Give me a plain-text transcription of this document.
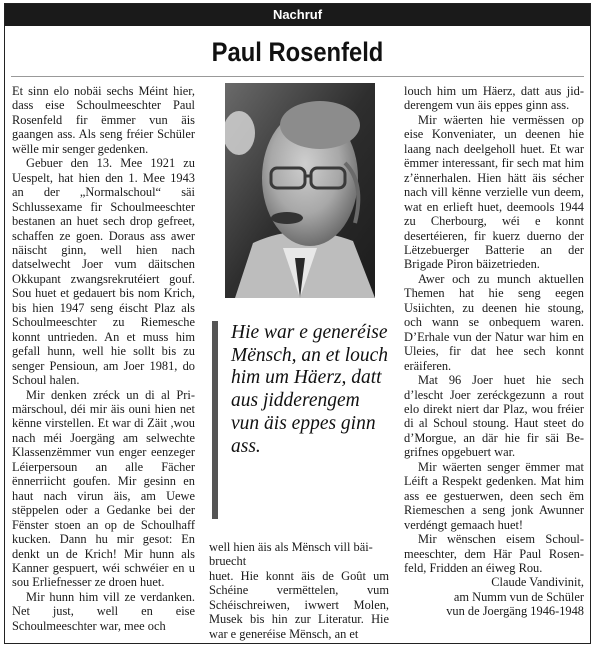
Nachruf
Paul Rosenfeld

Et sinn elo nobäi sechs Méint hier, dass eise Schoulmeeschter Paul Rosenfeld fir ëmmer vun äis gaangen ass. Als seng fréier Schüler wëlle mir senger gedenken.

Gebuer den 13. Mee 1921 zu Uespelt, hat hien den 1. Mee 1943 an der „Normalschoul“ säi Schlussexame fir Schoulmeeschter bestanen an huet sech drop gefreet, schaffen ze goen. Doraus ass awer näischt ginn, well hien nach datselwecht Joer vum däitschen Okkupant zwangsrekrutéiert gouf. Sou huet et gedauert bis nom Krich, bis hien 1947 seng éischt Plaz als Schoulmeeschter zu Riemesche konnt untrieden. An et muss him gefall hunn, well hie sollt bis zu senger Pensioun, am Joer 1981, do Schoul halen.

Mir denken zréck un di al Primärschoul, déi mir äis ouni hien net kënne virstellen. Et war di Zäit ,wou nach méi Joergäng am selwechte Klassenzëmmer vun enger eenzeger Léierpersoun an alle Fächer ënnerriicht goufen. Mir gesinn en haut nach virun äis, am Uewe stëppelen oder a Gedanke bei der Fënster stoen an op de Schoulhaff kucken. Dann hu mir gesot: En denkt un de Krich! Mir hunn als Kanner gespuert, wéi schwéier en u sou Erliefnesser ze droen huet.

Mir hunn him vill ze verdanken. Net just, well en eise Schoulmeeschter war, mee och

Hie war e generéise Mënsch, an et louch him um Häerz, datt aus jidderengem vun äis eppes ginn ass.

well hien äis als Mënsch vill bäibruecht

huet. Hie konnt äis de Goût um Schéine vermëttelen, vum Schéischreiwen, iwwert Molen, Musek bis hin zur Literatur. Hie war e generéise Mënsch, an et

louch him um Häerz, datt aus jidderengem vun äis eppes ginn ass.

Mir wäerten hie vermëssen op eise Konveniater, un deenen hie laang nach deelgeholl huet. Et war ëmmer interessant, fir sech mat him z’ënnerhalen. Hien hätt äis sécher nach vill kënne verzielle vun deem, wat en erlieft huet, deemools 1944 zu Cherbourg, wéi e konnt desertéieren, fir kuerz duerno der Lëtzebuerger Batterie an der Brigade Piron bäizetrieden.

Awer och zu munch aktuellen Themen hat hie seng eegen Usiichten, zu deenen hie stoung, och wann se onbequem waren. D’Erhale vun der Natur war him en Uleies, fir dat hee sech konnt eräiferen.

Mat 96 Joer huet hie sech d’lescht Joer zeréckgezunn a rout elo direkt niert dar Plaz, wou fréier di al Schoul stoung. Haut steet do d’Morgue, an där hie fir säi Begrifnes opgebuert war.

Mir wäerten senger ëmmer mat Léift a Respekt gedenken. Mat him ass ee gestuerwen, deen sech ëm Riemeschen a seng jonk Awunner verdéngt gemaach huet!

Mir wënschen eisem Schoulmeeschter, dem Här Paul Rosenfeld, Fridden an éiweg Rou.

Claude Vandivinit,

am Numm vun de Schüler

vun de Joergäng 1946-1948
